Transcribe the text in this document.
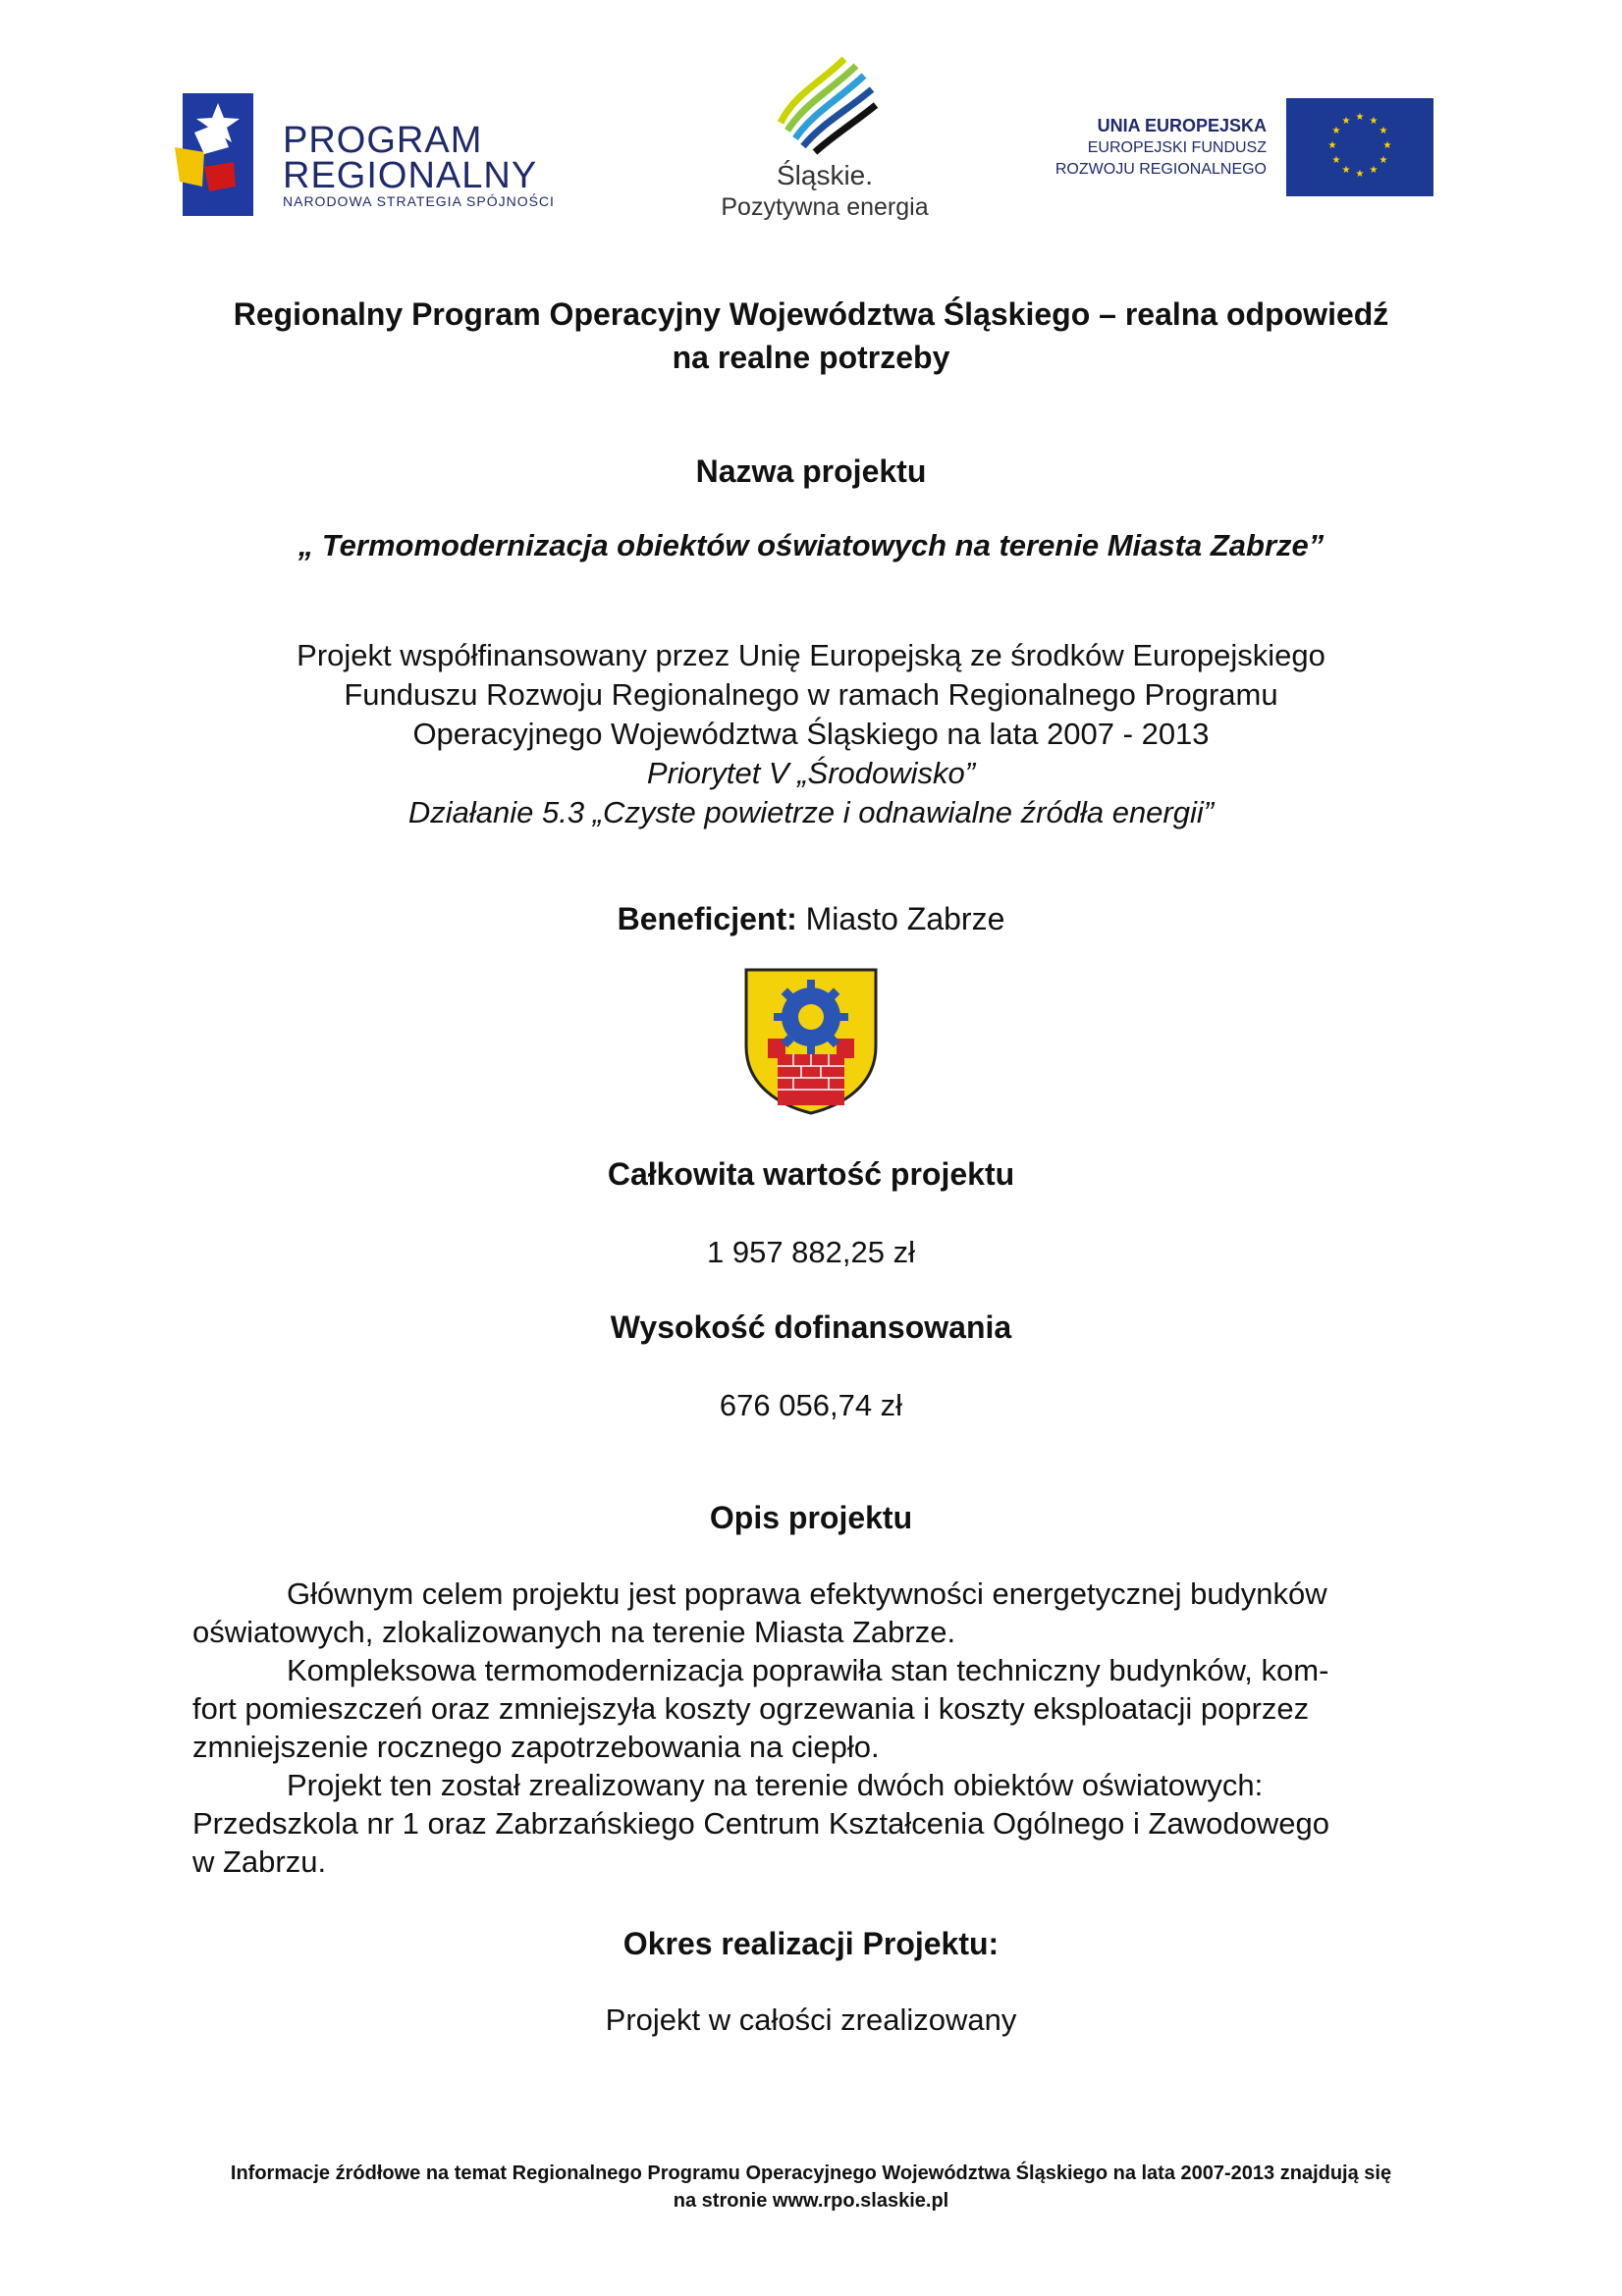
PROGRAM
REGIONALNY
NARODOWA STRATEGIA SPÓJNOŚCI
Śląskie.
Pozytywna energia
UNIA EUROPEJSKA
EUROPEJSKI FUNDUSZ
ROZWOJU REGIONALNEGO
★ ★
★
★
★
★
★
★
★
★
★
★
Regionalny Program Operacyjny Województwa Śląskiego – realna odpowiedź
na realne potrzeby
Nazwa projektu
„ Termomodernizacja obiektów oświatowych na terenie Miasta Zabrze”
Projekt współfinansowany przez Unię Europejską ze środków Europejskiego
Funduszu Rozwoju Regionalnego w ramach Regionalnego Programu
Operacyjnego Województwa Śląskiego na lata 2007 - 2013
Priorytet V „Środowisko”
Działanie 5.3 „Czyste powietrze i odnawialne źródła energii”
Beneficjent: Miasto Zabrze
Całkowita wartość projektu
1 957 882,25 zł
Wysokość dofinansowania
676 056,74 zł
Opis projektu
Głównym celem projektu jest poprawa efektywności energetycznej budynków
oświatowych, zlokalizowanych na terenie Miasta Zabrze.
Kompleksowa termomodernizacja poprawiła stan techniczny budynków, kom-
fort pomieszczeń oraz zmniejszyła koszty ogrzewania i koszty eksploatacji poprzez
zmniejszenie rocznego zapotrzebowania na ciepło.
Projekt ten został zrealizowany na terenie dwóch obiektów oświatowych:
Przedszkola nr 1 oraz Zabrzańskiego Centrum Kształcenia Ogólnego i Zawodowego
w Zabrzu.
Okres realizacji Projektu:
Projekt w całości zrealizowany
Informacje źródłowe na temat Regionalnego Programu Operacyjnego Województwa Śląskiego na lata 2007-2013 znajdują się
na stronie www.rpo.slaskie.pl
